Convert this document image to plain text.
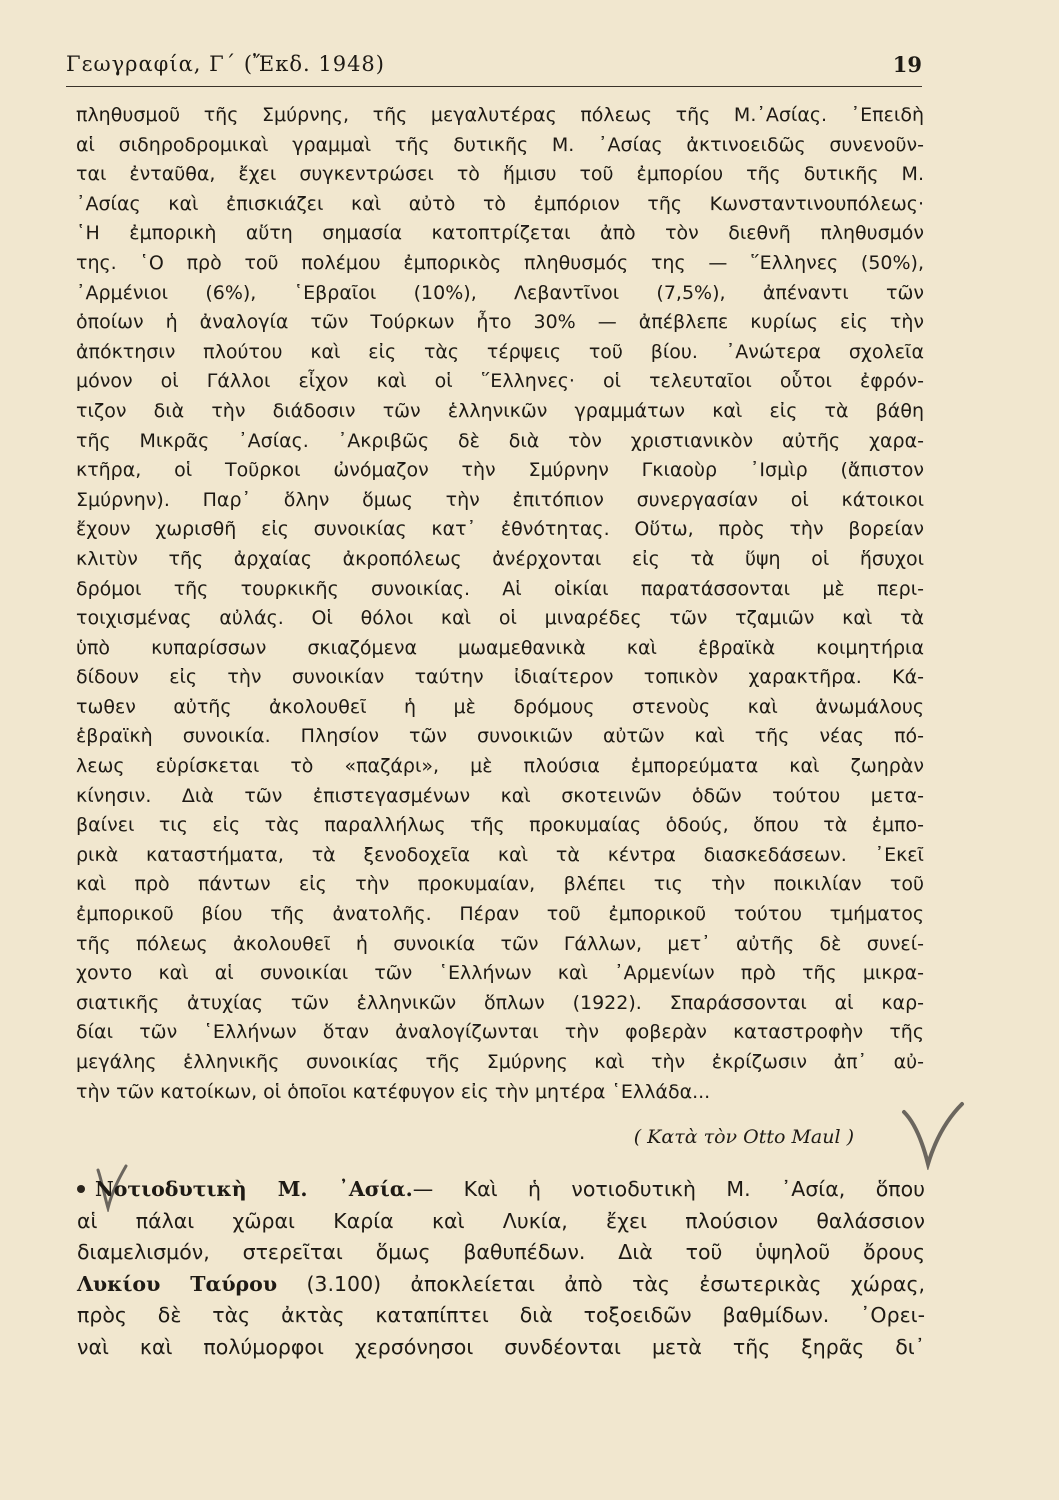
Γεωγραφία, Γ΄ (Ἔκδ. 1948)	19
πληθυσμοῦ τῆς Σμύρνης, τῆς μεγαλυτέρας πόλεως τῆς Μ.᾿Ασίας. ᾿Επειδὴ
αἱ σιδηροδρομικαὶ γραμμαὶ τῆς δυτικῆς Μ. ᾿Ασίας ἀκτινοειδῶς συνενοῦν-
ται ἐνταῦθα, ἔχει συγκεντρώσει τὸ ἥμισυ τοῦ ἐμπορίου τῆς δυτικῆς Μ.
᾿Ασίας καὶ ἐπισκιάζει καὶ αὐτὸ τὸ ἐμπόριον τῆς Κωνσταντινουπόλεως·
῾Η ἐμπορικὴ αὕτη σημασία κατοπτρίζεται ἀπὸ τὸν διεθνῆ πληθυσμόν
της. ῾Ο πρὸ τοῦ πολέμου ἐμπορικὸς πληθυσμός της — ῞Ελληνες (50%),
᾿Αρμένιοι (6%), ῾Εβραῖοι (10%), Λεβαντῖνοι (7,5%), ἀπέναντι τῶν
ὁποίων ἡ ἀναλογία τῶν Τούρκων ἦτο 30% — ἀπέβλεπε κυρίως εἰς τὴν
ἀπόκτησιν πλούτου καὶ εἰς τὰς τέρψεις τοῦ βίου. ᾿Ανώτερα σχολεῖα
μόνον οἱ Γάλλοι εἶχον καὶ οἱ ῞Ελληνες· οἱ τελευταῖοι οὗτοι ἐφρόν-
τιζον διὰ τὴν διάδοσιν τῶν ἑλληνικῶν γραμμάτων καὶ εἰς τὰ βάθη
τῆς Μικρᾶς ᾿Ασίας. ᾿Ακριβῶς δὲ διὰ τὸν χριστιανικὸν αὐτῆς χαρα-
κτῆρα, οἱ Τοῦρκοι ὠνόμαζον τὴν Σμύρνην Γκιαοὺρ ᾿Ισμὶρ (ἄπιστον
Σμύρνην). Παρ᾿ ὅλην ὅμως τὴν ἐπιτόπιον συνεργασίαν οἱ κάτοικοι
ἔχουν χωρισθῆ εἰς συνοικίας κατ᾿ ἐθνότητας. Οὕτω, πρὸς τὴν βορείαν
κλιτὺν τῆς ἀρχαίας ἀκροπόλεως ἀνέρχονται εἰς τὰ ὕψη οἱ ἥσυχοι
δρόμοι τῆς τουρκικῆς συνοικίας. Αἱ οἰκίαι παρατάσσονται μὲ περι-
τοιχισμένας αὐλάς. Οἱ θόλοι καὶ οἱ μιναρέδες τῶν τζαμιῶν καὶ τὰ
ὑπὸ κυπαρίσσων σκιαζόμενα μωαμεθανικὰ καὶ ἑβραϊκὰ κοιμητήρια
δίδουν εἰς τὴν συνοικίαν ταύτην ἰδιαίτερον τοπικὸν χαρακτῆρα. Κά-
τωθεν αὐτῆς ἀκολουθεῖ ἡ μὲ δρόμους στενοὺς καὶ ἀνωμάλους
ἑβραϊκὴ συνοικία. Πλησίον τῶν συνοικιῶν αὐτῶν καὶ τῆς νέας πό-
λεως εὑρίσκεται τὸ «παζάρι», μὲ πλούσια ἐμπορεύματα καὶ ζωηρὰν
κίνησιν. Διὰ τῶν ἐπιστεγασμένων καὶ σκοτεινῶν ὁδῶν τούτου μετα-
βαίνει τις εἰς τὰς παραλλήλως τῆς προκυμαίας ὁδούς, ὅπου τὰ ἐμπο-
ρικὰ καταστήματα, τὰ ξενοδοχεῖα καὶ τὰ κέντρα διασκεδάσεων. ᾿Εκεῖ
καὶ πρὸ πάντων εἰς τὴν προκυμαίαν, βλέπει τις τὴν ποικιλίαν τοῦ
ἐμπορικοῦ βίου τῆς ἀνατολῆς. Πέραν τοῦ ἐμπορικοῦ τούτου τμήματος
τῆς πόλεως ἀκολουθεῖ ἡ συνοικία τῶν Γάλλων, μετ᾿ αὐτῆς δὲ συνεί-
χοντο καὶ αἱ συνοικίαι τῶν ῾Ελλήνων καὶ ᾿Αρμενίων πρὸ τῆς μικρα-
σιατικῆς ἀτυχίας τῶν ἑλληνικῶν ὅπλων (1922). Σπαράσσονται αἱ καρ-
δίαι τῶν ῾Ελλήνων ὅταν ἀναλογίζωνται τὴν φοβερὰν καταστροφὴν τῆς
μεγάλης ἑλληνικῆς συνοικίας τῆς Σμύρνης καὶ τὴν ἐκρίζωσιν ἀπ᾿ αὐ-
τὴν τῶν κατοίκων, οἱ ὁποῖοι κατέφυγον εἰς τὴν μητέρα ῾Ελλάδα...
( Κατὰ τὸν Otto Maul )
Νοτιοδυτικὴ Μ. ᾿Ασία.— Καὶ ἡ νοτιοδυτικὴ Μ. ᾿Ασία, ὅπου
αἱ πάλαι χῶραι Καρία καὶ Λυκία, ἔχει πλούσιον θαλάσσιον
διαμελισμόν, στερεῖται ὅμως βαθυπέδων. Διὰ τοῦ ὑψηλοῦ ὄρους
Λυκίου Ταύρου (3.100) ἀποκλείεται ἀπὸ τὰς ἐσωτερικὰς χώρας,
πρὸς δὲ τὰς ἀκτὰς καταπίπτει διὰ τοξοειδῶν βαθμίδων. ᾿Ορει-
ναὶ καὶ πολύμορφοι χερσόνησοι συνδέονται μετὰ τῆς ξηρᾶς δι᾿
